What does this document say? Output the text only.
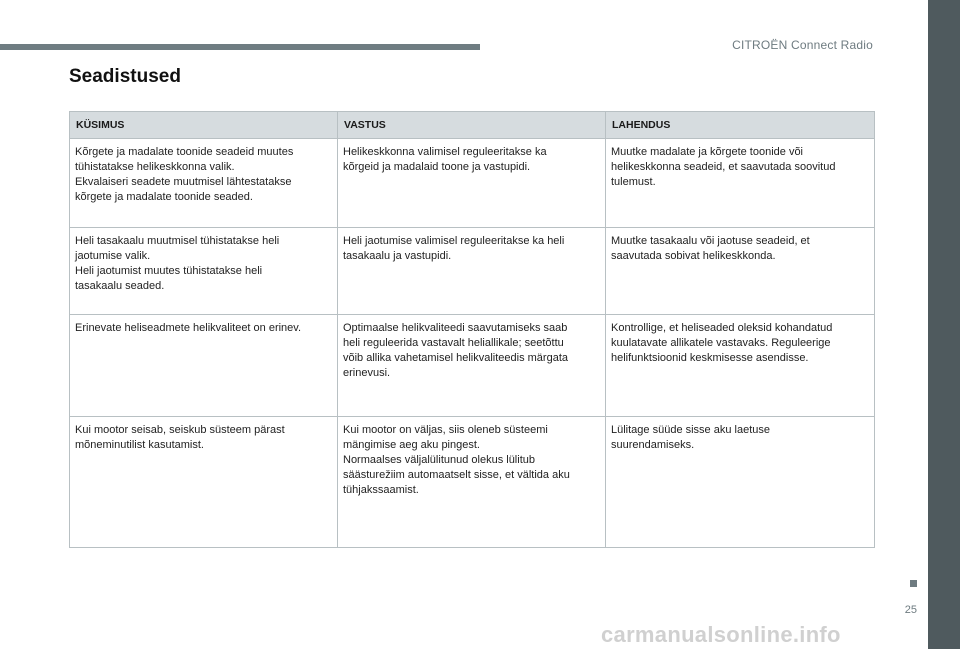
CITROËN Connect Radio
Seadistused
KÜSIMUS	VASTUS	LAHENDUS

Kõrgete ja madalate toonide seadeid muutes
tühistatakse helikeskkonna valik.
Ekvalaiseri seadete muutmisel lähtestatakse
kõrgete ja madalate toonide seaded.	Helikeskkonna valimisel reguleeritakse ka
kõrgeid ja madalaid toone ja vastupidi.	Muutke madalate ja kõrgete toonide või
helikeskkonna seadeid, et saavutada soovitud
tulemust.

Heli tasakaalu muutmisel tühistatakse heli
jaotumise valik.
Heli jaotumist muutes tühistatakse heli
tasakaalu seaded.	Heli jaotumise valimisel reguleeritakse ka heli
tasakaalu ja vastupidi.	Muutke tasakaalu või jaotuse seadeid, et
saavutada sobivat helikeskkonda.

Erinevate heliseadmete helikvaliteet on erinev.	Optimaalse helikvaliteedi saavutamiseks saab
heli reguleerida vastavalt heliallikale; seetõttu
võib allika vahetamisel helikvaliteedis märgata
erinevusi.	Kontrollige, et heliseaded oleksid kohandatud
kuulatavate allikatele vastavaks. Reguleerige
helifunktsioonid keskmisesse asendisse.

Kui mootor seisab, seiskub süsteem pärast
mõneminutilist kasutamist.	Kui mootor on väljas, siis oleneb süsteemi
mängimise aeg aku pingest.
Normaalses väljalülitunud olekus lülitub
säästurežiim automaatselt sisse, et vältida aku
tühjakssaamist.	Lülitage süüde sisse aku laetuse
suurendamiseks.
25
carmanualsonline.info
